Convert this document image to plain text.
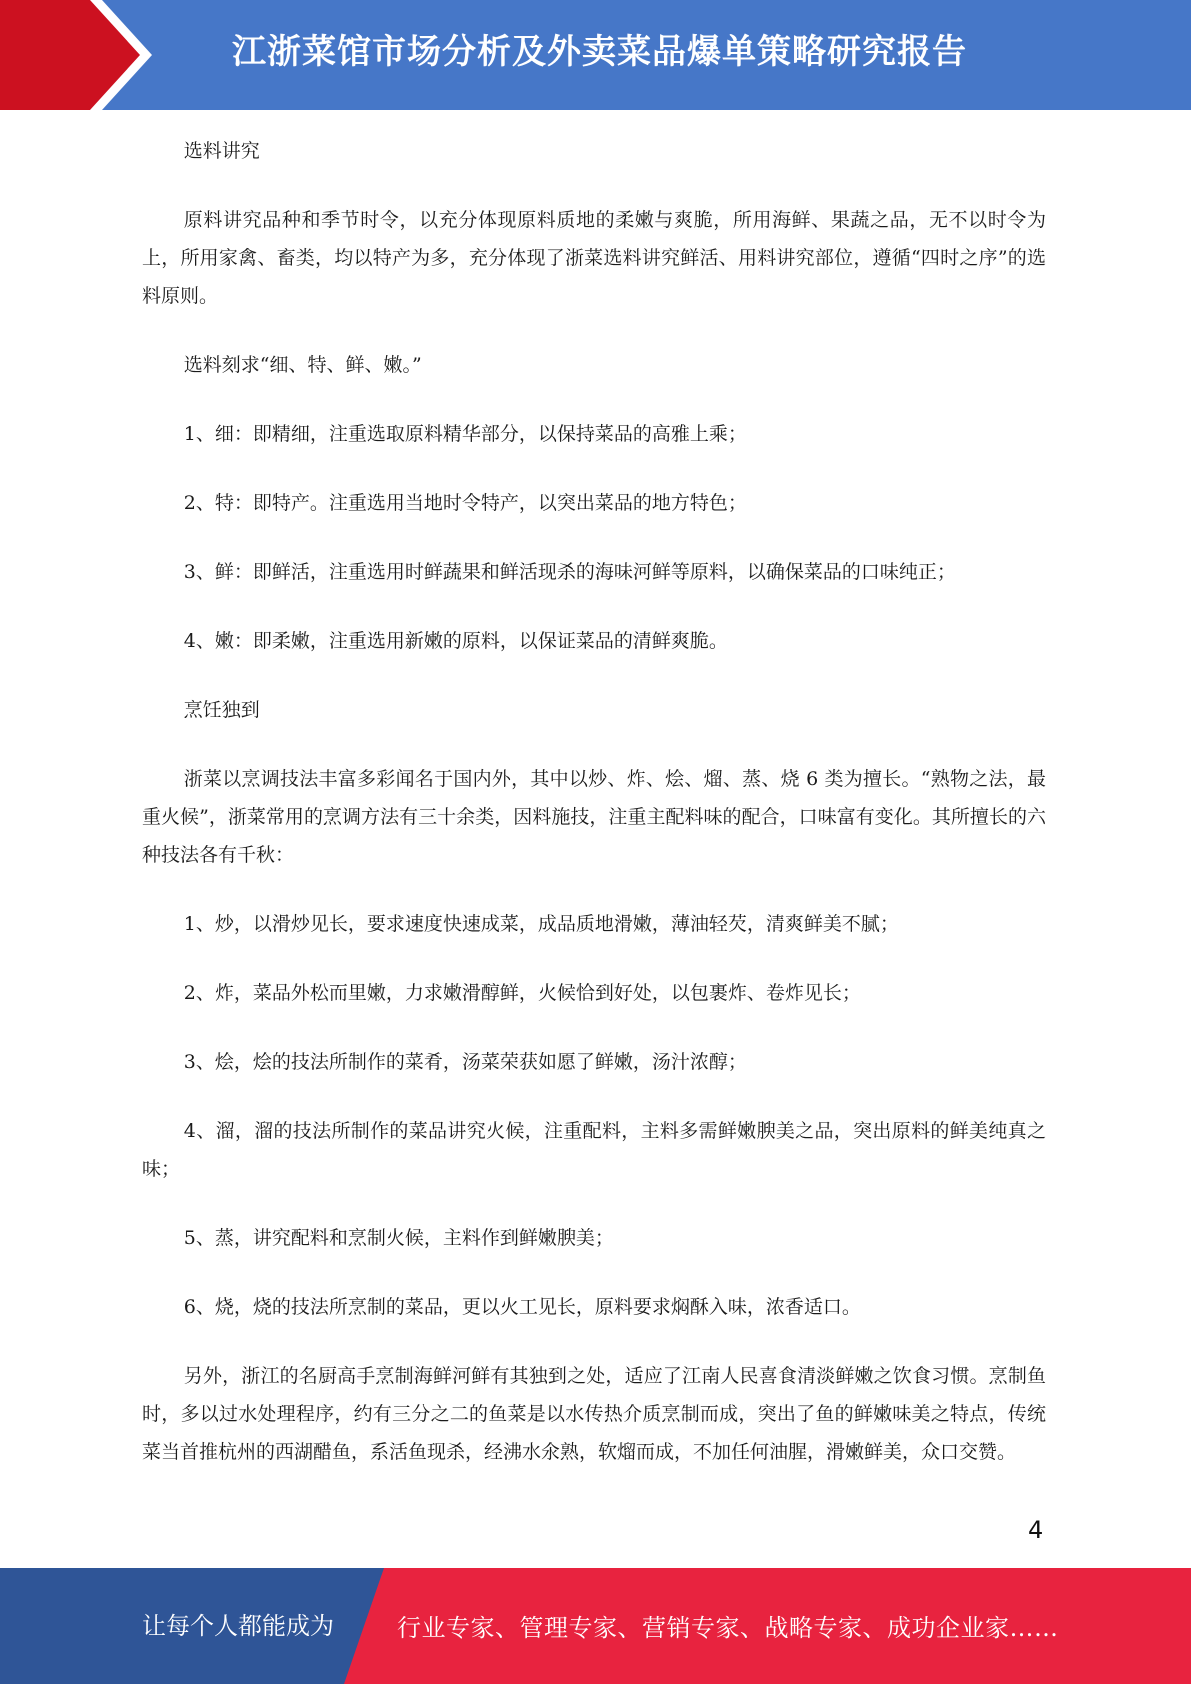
江浙菜馆市场分析及外卖菜品爆单策略研究报告

选料讲究

原料讲究品种和季节时令，以充分体现原料质地的柔嫩与爽脆，所用海鲜、果蔬之品，无不以时令为上，所用家禽、畜类，均以特产为多，充分体现了浙菜选料讲究鲜活、用料讲究部位，遵循“四时之序”的选料原则。

选料刻求“细、特、鲜、嫩。”

1、细：即精细，注重选取原料精华部分，以保持菜品的高雅上乘；

2、特：即特产。注重选用当地时令特产，以突出菜品的地方特色；

3、鲜：即鲜活，注重选用时鲜蔬果和鲜活现杀的海味河鲜等原料，以确保菜品的口味纯正；

4、嫩：即柔嫩，注重选用新嫩的原料，以保证菜品的清鲜爽脆。

烹饪独到

浙菜以烹调技法丰富多彩闻名于国内外，其中以炒、炸、烩、熘、蒸、烧 6 类为擅长。“熟物之法，最重火候”，浙菜常用的烹调方法有三十余类，因料施技，注重主配料味的配合，口味富有变化。其所擅长的六种技法各有千秋：

1、炒，以滑炒见长，要求速度快速成菜，成品质地滑嫩，薄油轻芡，清爽鲜美不腻；

2、炸，菜品外松而里嫩，力求嫩滑醇鲜，火候恰到好处，以包裹炸、卷炸见长；

3、烩，烩的技法所制作的菜肴，汤菜荣获如愿了鲜嫩，汤汁浓醇；

4、溜，溜的技法所制作的菜品讲究火候，注重配料，主料多需鲜嫩腴美之品，突出原料的鲜美纯真之味；

5、蒸，讲究配料和烹制火候，主料作到鲜嫩腴美；

6、烧，烧的技法所烹制的菜品，更以火工见长，原料要求焖酥入味，浓香适口。

另外，浙江的名厨高手烹制海鲜河鲜有其独到之处，适应了江南人民喜食清淡鲜嫩之饮食习惯。烹制鱼时，多以过水处理程序，约有三分之二的鱼菜是以水传热介质烹制而成，突出了鱼的鲜嫩味美之特点，传统菜当首推杭州的西湖醋鱼，系活鱼现杀，经沸水氽熟，软熘而成，不加任何油腥，滑嫩鲜美，众口交赞。

4
让每个人都能成为	行业专家、管理专家、营销专家、战略专家、成功企业家……
